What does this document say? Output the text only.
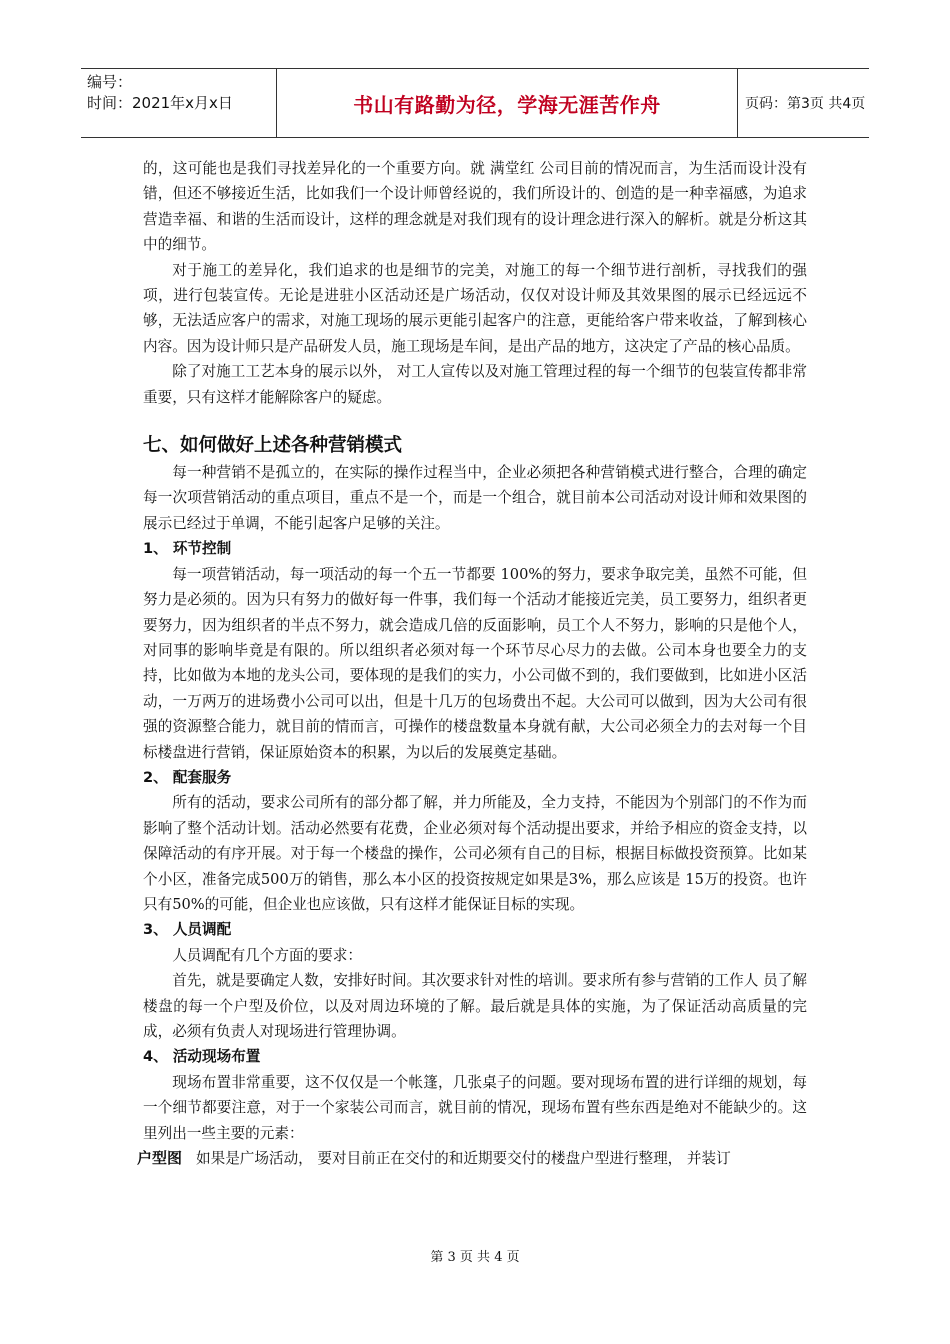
编号：
时间：2021年x月x日	书山有路勤为径，学海无涯苦作舟	页码：第3页 共4页

的，这可能也是我们寻找差异化的一个重要方向。就 满堂红 公司目前的情况而言，为生活而设计没有错，但还不够接近生活，比如我们一个设计师曾经说的，我们所设计的、创造的是一种幸福感，为追求营造幸福、和谐的生活而设计，这样的理念就是对我们现有的设计理念进行深入的解析。就是分析这其中的细节。

对于施工的差异化，我们追求的也是细节的完美，对施工的每一个细节进行剖析，寻找我们的强项，进行包装宣传。无论是进驻小区活动还是广场活动，仅仅对设计师及其效果图的展示已经远远不够，无法适应客户的需求，对施工现场的展示更能引起客户的注意，更能给客户带来收益，了解到核心内容。因为设计师只是产品研发人员，施工现场是车间，是出产品的地方，这决定了产品的核心品质。

除了对施工工艺本身的展示以外， 对工人宣传以及对施工管理过程的每一个细节的包装宣传都非常重要，只有这样才能解除客户的疑虑。

七、如何做好上述各种营销模式

每一种营销不是孤立的，在实际的操作过程当中，企业必须把各种营销模式进行整合，合理的确定每一次项营销活动的重点项目，重点不是一个，而是一个组合，就目前本公司活动对设计师和效果图的展示已经过于单调，不能引起客户足够的关注。

1、 环节控制

每一项营销活动，每一项活动的每一个五一节都要 100%的努力，要求争取完美，虽然不可能，但努力是必须的。因为只有努力的做好每一件事，我们每一个活动才能接近完美，员工要努力，组织者更要努力，因为组织者的半点不努力，就会造成几倍的反面影响，员工个人不努力，影响的只是他个人，对同事的影响毕竟是有限的。所以组织者必须对每一个环节尽心尽力的去做。公司本身也要全力的支持，比如做为本地的龙头公司，要体现的是我们的实力，小公司做不到的，我们要做到，比如进小区活动，一万两万的进场费小公司可以出，但是十几万的包场费出不起。大公司可以做到，因为大公司有很强的资源整合能力，就目前的情而言，可操作的楼盘数量本身就有献，大公司必须全力的去对每一个目标楼盘进行营销，保证原始资本的积累，为以后的发展奠定基础。

2、 配套服务

所有的活动，要求公司所有的部分都了解，并力所能及，全力支持，不能因为个别部门的不作为而影响了整个活动计划。活动必然要有花费，企业必须对每个活动提出要求，并给予相应的资金支持，以保障活动的有序开展。对于每一个楼盘的操作，公司必须有自己的目标，根据目标做投资预算。比如某个小区，准备完成500万的销售，那么本小区的投资按规定如果是3%，那么应该是 15万的投资。也许只有50%的可能，但企业也应该做，只有这样才能保证目标的实现。

3、 人员调配

人员调配有几个方面的要求：

首先，就是要确定人数，安排好时间。其次要求针对性的培训。要求所有参与营销的工作人 员了解楼盘的每一个户型及价位，以及对周边环境的了解。最后就是具体的实施，为了保证活动高质量的完成，必须有负责人对现场进行管理协调。

4、 活动现场布置

现场布置非常重要，这不仅仅是一个帐篷，几张桌子的问题。要对现场布置的进行详细的规划，每一个细节都要注意，对于一个家装公司而言，就目前的情况，现场布置有些东西是绝对不能缺少的。这里列出一些主要的元素：

户型图 如果是广场活动， 要对目前正在交付的和近期要交付的楼盘户型进行整理， 并装订

第 3 页 共 4 页
